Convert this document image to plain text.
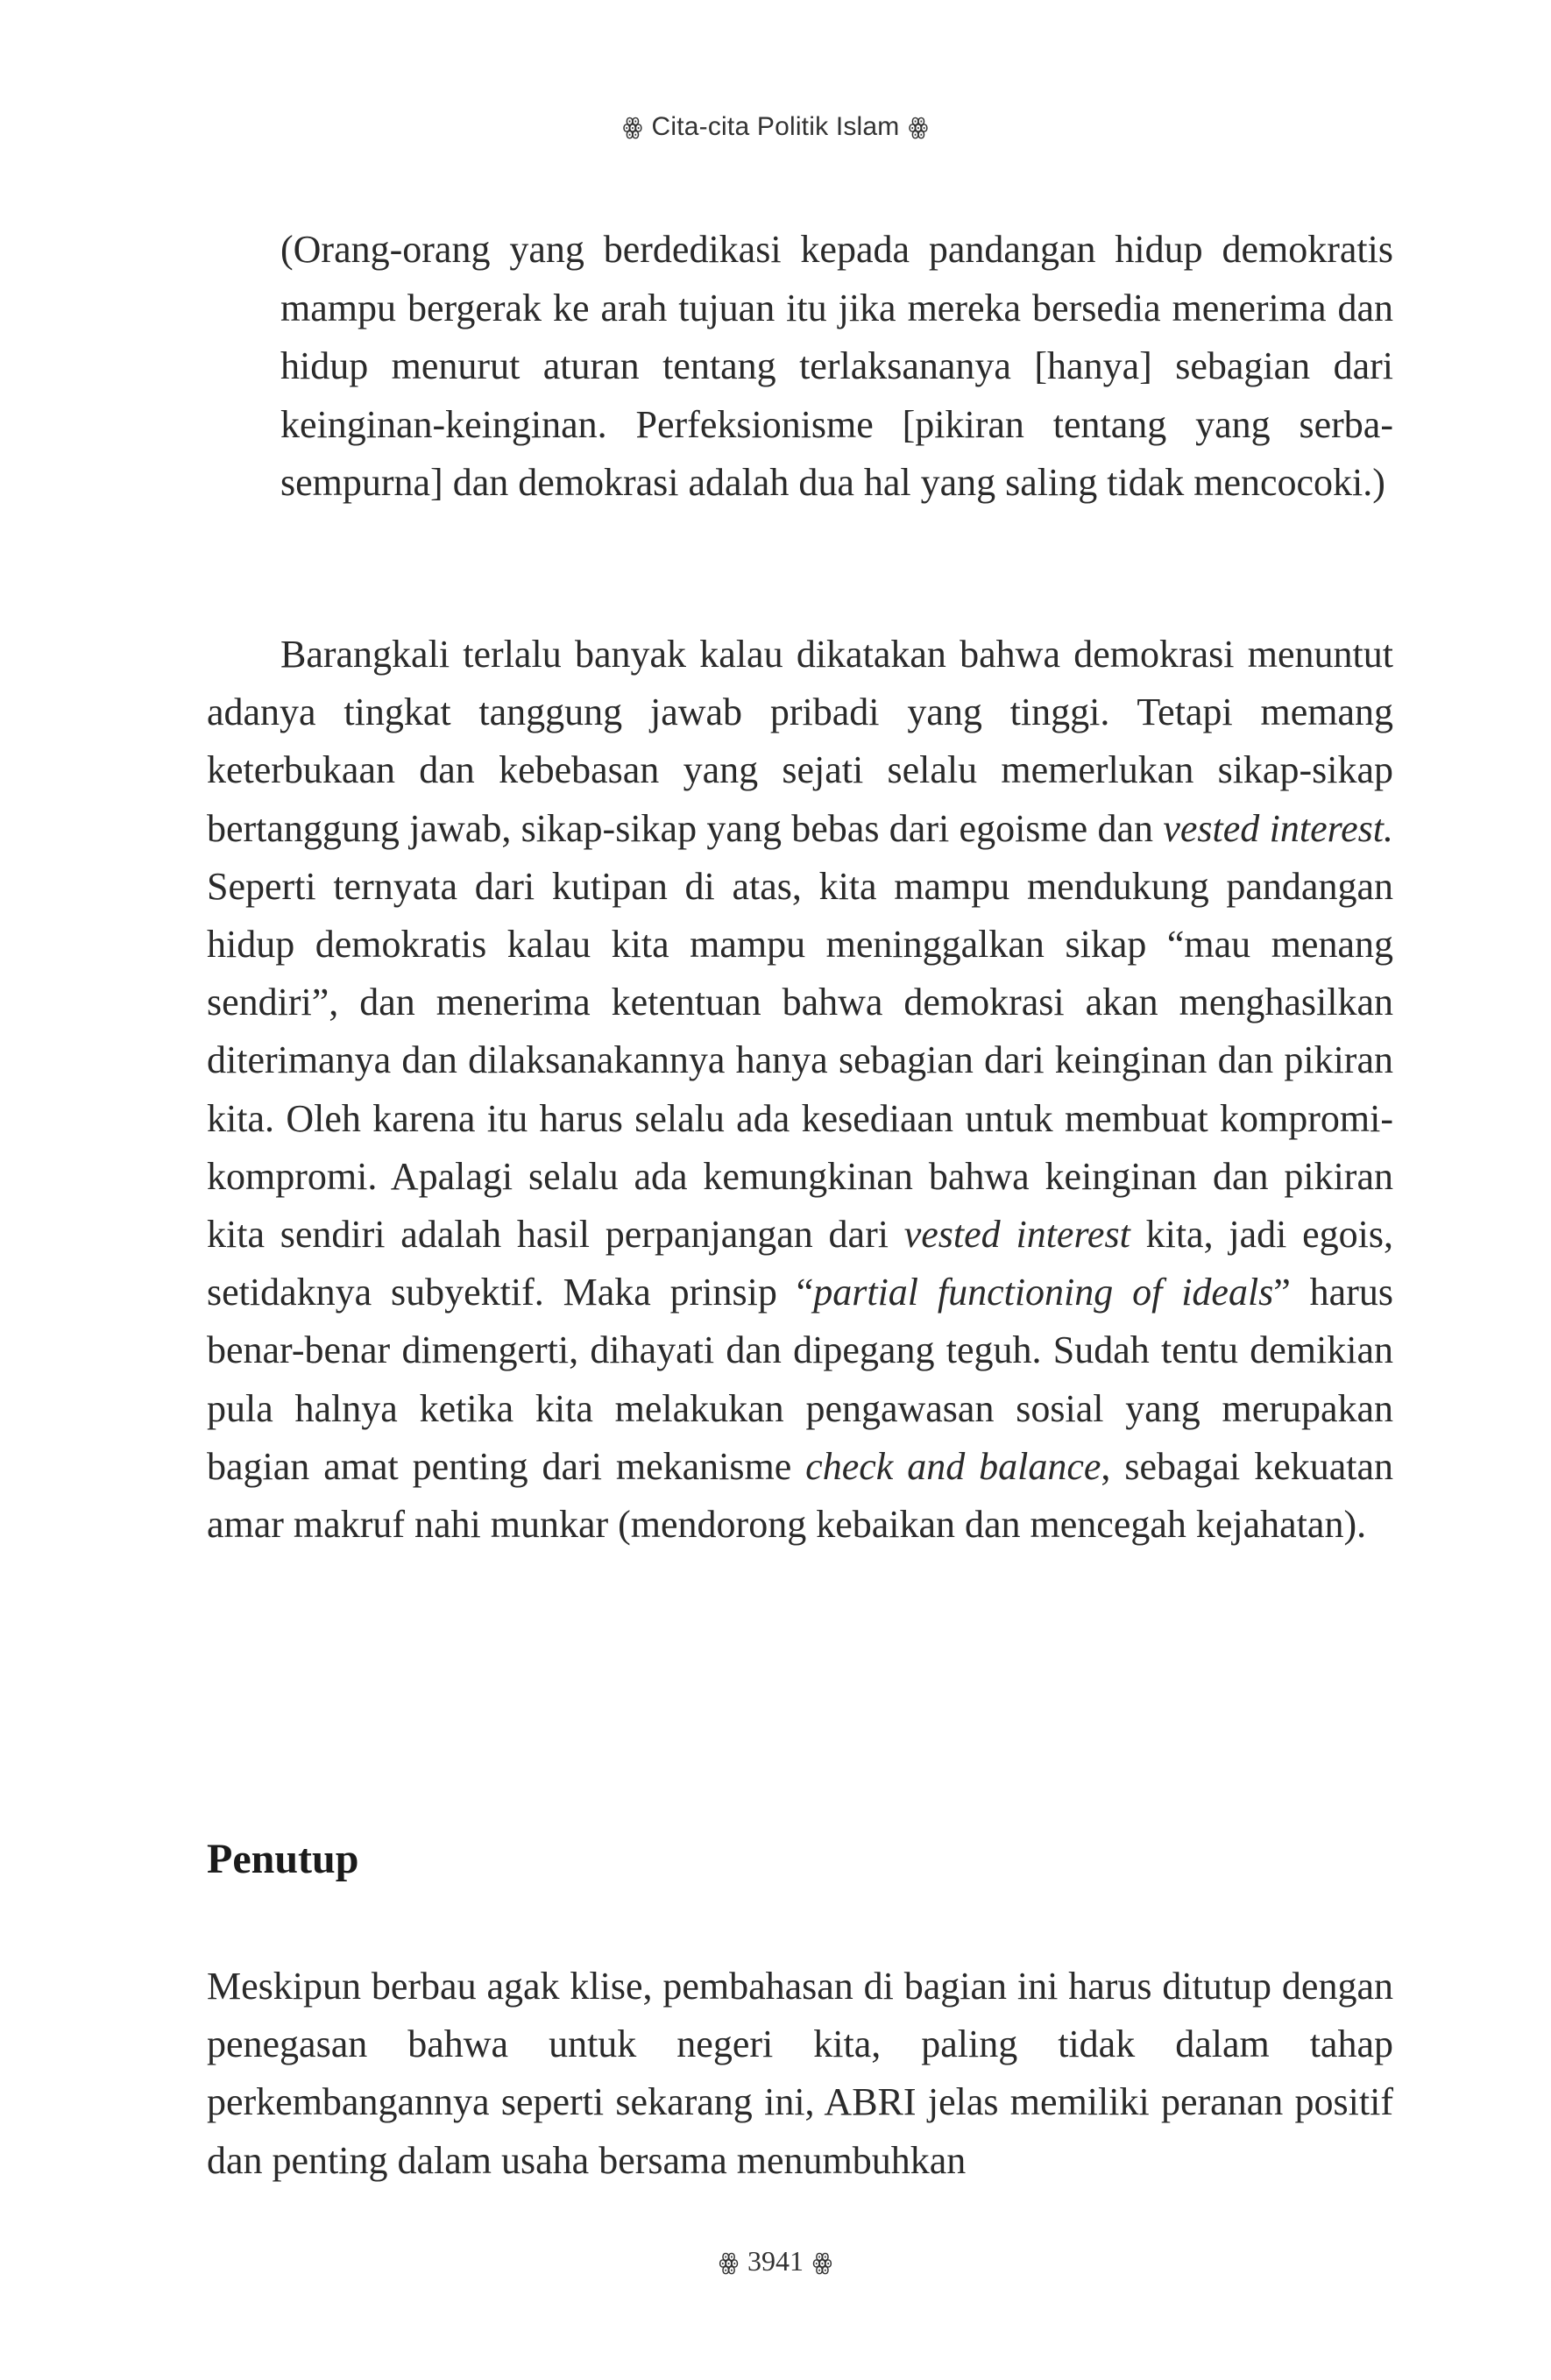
ꙮ Cita-cita Politik Islam ꙮ

(Orang-orang yang berdedikasi kepada pandangan hidup demokratis mampu bergerak ke arah tujuan itu jika mereka bersedia menerima dan hidup menurut aturan tentang terlaksananya [hanya] sebagian dari keinginan-keinginan. Perfeksionisme [pikiran tentang yang serba-sempurna] dan demokrasi adalah dua hal yang saling tidak mencocoki.)

Barangkali terlalu banyak kalau dikatakan bahwa demokrasi menuntut adanya tingkat tanggung jawab pribadi yang tinggi. Tetapi memang keterbukaan dan kebebasan yang sejati selalu memerlukan sikap-sikap bertanggung jawab, sikap-sikap yang bebas dari egoisme dan vested interest. Seperti ternyata dari kutipan di atas, kita mampu mendukung pandangan hidup demokratis kalau kita mampu meninggalkan sikap “mau menang sendiri”, dan menerima ketentuan bahwa demokrasi akan menghasilkan diterimanya dan dilaksanakannya hanya sebagian dari keinginan dan pikiran kita. Oleh karena itu harus selalu ada kesediaan untuk membuat kompromi-kompromi. Apalagi selalu ada kemungkinan bahwa keinginan dan pikiran kita sendiri adalah hasil perpanjangan dari vested interest kita, jadi egois, setidaknya subyektif. Maka prinsip “partial functioning of ideals” harus benar-benar dimengerti, dihayati dan dipegang teguh. Sudah tentu demikian pula halnya ketika kita melakukan pengawasan sosial yang merupakan bagian amat penting dari mekanisme check and balance, sebagai kekuatan amar makruf nahi munkar (mendorong kebaikan dan mencegah kejahatan).

Penutup

Meskipun berbau agak klise, pembahasan di bagian ini harus ditutup dengan penegasan bahwa untuk negeri kita, paling tidak dalam tahap perkembangannya seperti sekarang ini, ABRI jelas memiliki peranan positif dan penting dalam usaha bersama menumbuhkan

ꙮ 3941 ꙮ
